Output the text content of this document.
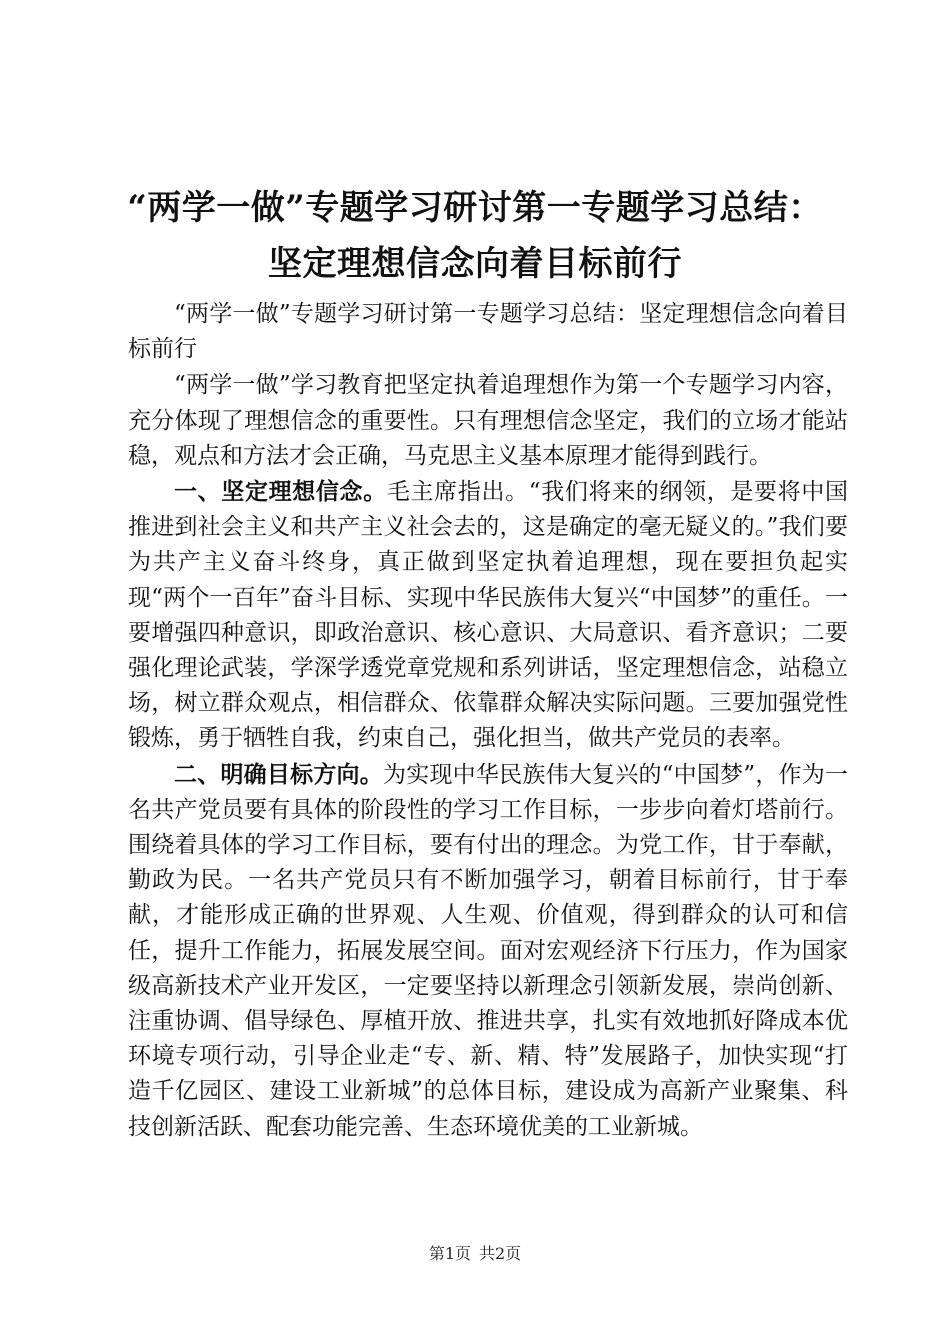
“两学一做”专题学习研讨第一专题学习总结：
坚定理想信念向着目标前行

“两学一做”专题学习研讨第一专题学习总结：坚定理想信念向着目标前行

“两学一做”学习教育把坚定执着追理想作为第一个专题学习内容，充分体现了理想信念的重要性。只有理想信念坚定，我们的立场才能站稳，观点和方法才会正确，马克思主义基本原理才能得到践行。

一、坚定理想信念。毛主席指出。“我们将来的纲领，是要将中国推进到社会主义和共产主义社会去的，这是确定的毫无疑义的。”我们要为共产主义奋斗终身，真正做到坚定执着追理想，现在要担负起实现“两个一百年”奋斗目标、实现中华民族伟大复兴“中国梦”的重任。一要增强四种意识，即政治意识、核心意识、大局意识、看齐意识；二要强化理论武装，学深学透党章党规和系列讲话，坚定理想信念，站稳立场，树立群众观点，相信群众、依靠群众解决实际问题。三要加强党性锻炼，勇于牺牲自我，约束自己，强化担当，做共产党员的表率。

二、明确目标方向。为实现中华民族伟大复兴的“中国梦”，作为一名共产党员要有具体的阶段性的学习工作目标，一步步向着灯塔前行。围绕着具体的学习工作目标，要有付出的理念。为党工作，甘于奉献，勤政为民。一名共产党员只有不断加强学习，朝着目标前行，甘于奉献，才能形成正确的世界观、人生观、价值观，得到群众的认可和信任，提升工作能力，拓展发展空间。面对宏观经济下行压力，作为国家级高新技术产业开发区，一定要坚持以新理念引领新发展，崇尚创新、注重协调、倡导绿色、厚植开放、推进共享，扎实有效地抓好降成本优环境专项行动，引导企业走“专、新、精、特”发展路子，加快实现“打造千亿园区、建设工业新城”的总体目标，建设成为高新产业聚集、科技创新活跃、配套功能完善、生态环境优美的工业新城。

第1页 共2页
